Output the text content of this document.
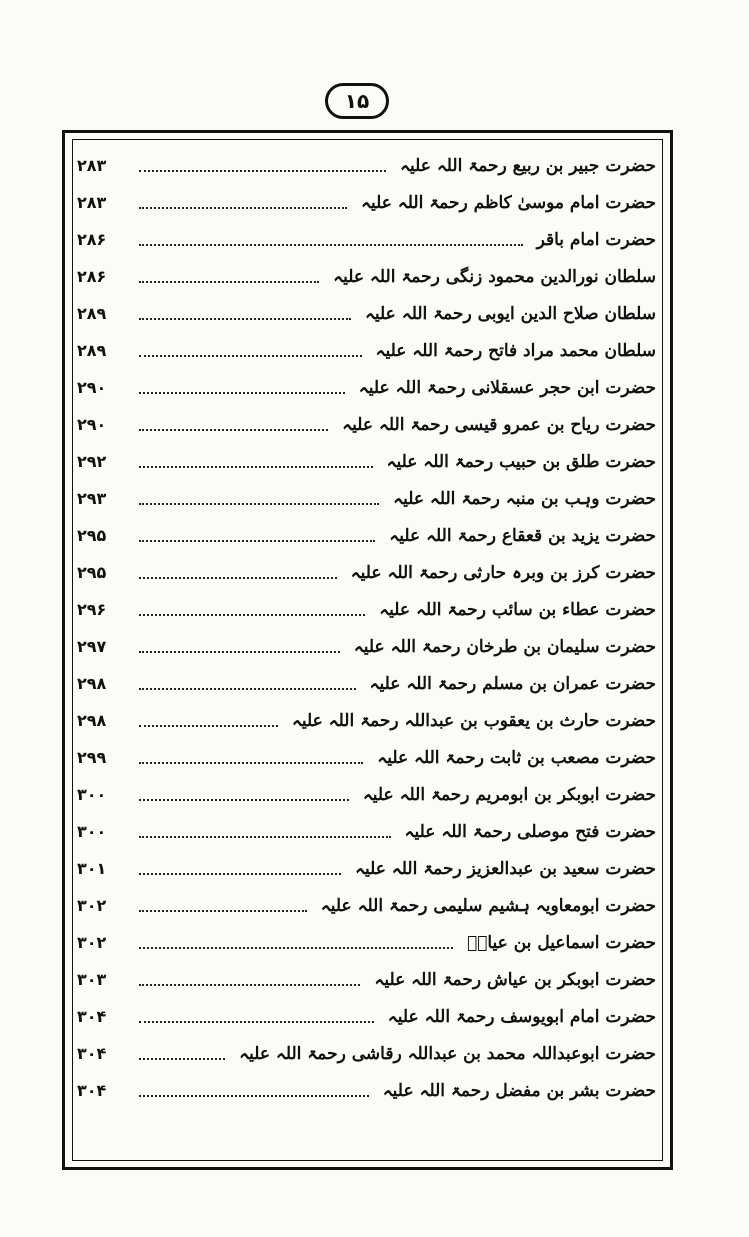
۱۵
حضرت جبیر بن ربیع رحمۃ اللہ علیہ
۲۸۳
حضرت امام موسیٰ کاظم رحمۃ اللہ علیہ
۲۸۳
حضرت امام باقر
۲۸۶
سلطان نورالدین محمود زنگی رحمۃ اللہ علیہ
۲۸۶
سلطان صلاح الدین ایوبی رحمۃ اللہ علیہ
۲۸۹
سلطان محمد مراد فاتح رحمۃ اللہ علیہ
۲۸۹
حضرت ابن حجر عسقلانی رحمۃ اللہ علیہ
۲۹۰
حضرت ریاح بن عمرو قیسی رحمۃ اللہ علیہ
۲۹۰
حضرت طلق بن حبیب رحمۃ اللہ علیہ
۲۹۲
حضرت وہب بن منبہ رحمۃ اللہ علیہ
۲۹۳
حضرت یزید بن قعقاع رحمۃ اللہ علیہ
۲۹۵
حضرت کرز بن وبرہ حارثی رحمۃ اللہ علیہ
۲۹۵
حضرت عطاء بن سائب رحمۃ اللہ علیہ
۲۹۶
حضرت سلیمان بن طرخان رحمۃ اللہ علیہ
۲۹۷
حضرت عمران بن مسلم رحمۃ اللہ علیہ
۲۹۸
حضرت حارث بن یعقوب بن عبداللہ رحمۃ اللہ علیہ
۲۹۸
حضرت مصعب بن ثابت رحمۃ اللہ علیہ
۲۹۹
حضرت ابوبکر بن ابومریم رحمۃ اللہ علیہ
۳۰۰
حضرت فتح موصلی رحمۃ اللہ علیہ
۳۰۰
حضرت سعید بن عبدالعزیز رحمۃ اللہ علیہ
۳۰۱
حضرت ابومعاویہ ہشیم سلیمی رحمۃ اللہ علیہ
۳۰۲
حضرت اسماعیل بن عیاشؒ
۳۰۲
حضرت ابوبکر بن عیاش رحمۃ اللہ علیہ
۳۰۳
حضرت امام ابویوسف رحمۃ اللہ علیہ
۳۰۴
حضرت ابوعبداللہ محمد بن عبداللہ رقاشی رحمۃ اللہ علیہ
۳۰۴
حضرت بشر بن مفضل رحمۃ اللہ علیہ
۳۰۴
